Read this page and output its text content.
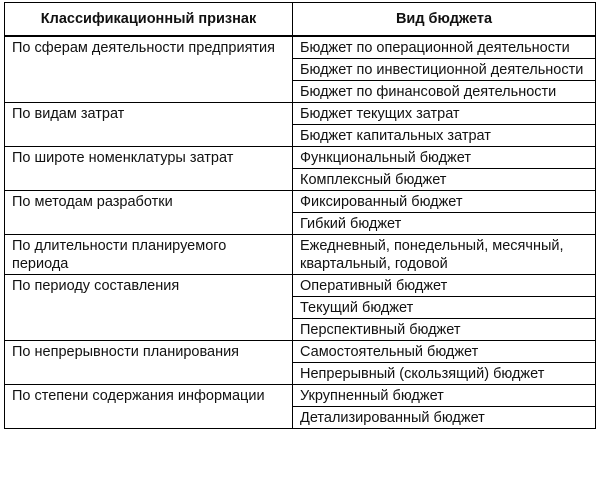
Классификационный признак	Вид бюджета
По сферам деятельности предприятия	Бюджет по операционной деятельности
	Бюджет по инвестиционной деятельности
	Бюджет по финансовой деятельности
По видам затрат	Бюджет текущих затрат
	Бюджет капитальных затрат
По широте номенклатуры затрат	Функциональный бюджет
	Комплексный бюджет
По методам разработки	Фиксированный бюджет
	Гибкий бюджет
По длительности планируемого периода	Ежедневный, понедельный, месячный, квартальный, годовой
По периоду составления	Оперативный бюджет
	Текущий бюджет
	Перспективный бюджет
По непрерывности планирования	Самостоятельный бюджет
	Непрерывный (скользящий) бюджет
По степени содержания информации	Укрупненный бюджет
	Детализированный бюджет
